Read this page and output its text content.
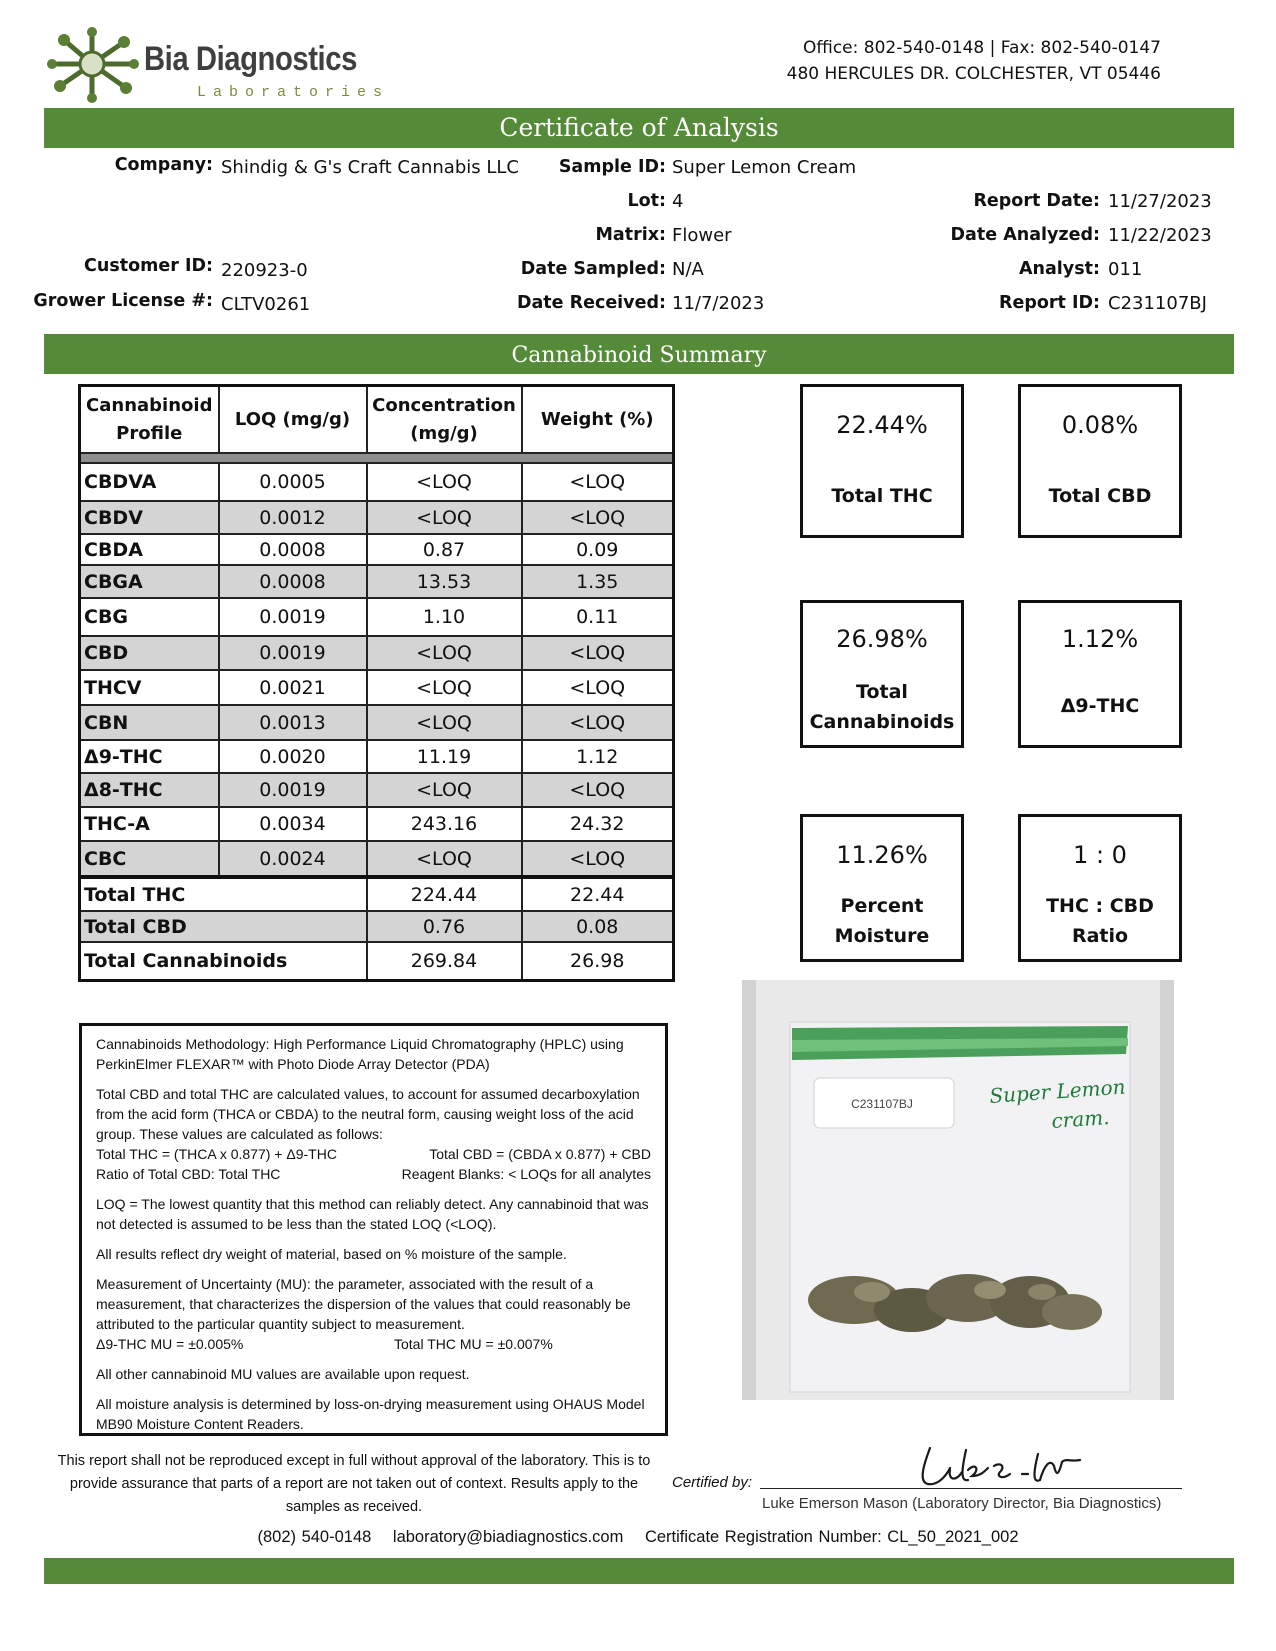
Bia Diagnostics
Laboratories
Office: 802-540-0148 | Fax: 802-540-0147
480 HERCULES DR. COLCHESTER, VT 05446
Certificate of Analysis
Company: Shindig & G's Craft Cannabis LLC
Customer ID: 220923-0
Grower License #: CLTV0261
Sample ID: Super Lemon Cream
Lot: 4
Matrix: Flower
Date Sampled: N/A
Date Received: 11/7/2023
Report Date: 11/27/2023
Date Analyzed: 11/22/2023
Analyst: 011
Report ID: C231107BJ
Cannabinoid Summary
Cannabinoid Profile	LOQ (mg/g)	Concentration (mg/g)	Weight (%)

CBDVA	0.0005	<LOQ	<LOQ
CBDV	0.0012	<LOQ	<LOQ
CBDA	0.0008	0.87	0.09
CBGA	0.0008	13.53	1.35
CBG	0.0019	1.10	0.11
CBD	0.0019	<LOQ	<LOQ
THCV	0.0021	<LOQ	<LOQ
CBN	0.0013	<LOQ	<LOQ
Δ9-THC	0.0020	11.19	1.12
Δ8-THC	0.0019	<LOQ	<LOQ
THC-A	0.0034	243.16	24.32
CBC	0.0024	<LOQ	<LOQ
Total THC		224.44	22.44
Total CBD		0.76	0.08
Total Cannabinoids		269.84	26.98
22.44%
Total THC
0.08%
Total CBD
26.98%
Total Cannabinoids
1.12%
Δ9-THC
11.26%
Percent Moisture
1 : 0
THC : CBD Ratio

Cannabinoids Methodology: High Performance Liquid Chromatography (HPLC) using PerkinElmer FLEXAR™ with Photo Diode Array Detector (PDA)

Total CBD and total THC are calculated values, to account for assumed decarboxylation from the acid form (THCA or CBDA) to the neutral form, causing weight loss of the acid group. These values are calculated as follows:

Total THC = (THCA x 0.877) + Δ9-THC	Total CBD = (CBDA x 0.877) + CBD
Ratio of Total CBD: Total THC	Reagent Blanks: < LOQs for all analytes

LOQ = The lowest quantity that this method can reliably detect. Any cannabinoid that was not detected is assumed to be less than the stated LOQ (<LOQ).

All results reflect dry weight of material, based on % moisture of the sample.

Measurement of Uncertainty (MU): the parameter, associated with the result of a measurement, that characterizes the dispersion of the values that could reasonably be attributed to the particular quantity subject to measurement.

Δ9-THC MU = ±0.005%	Total THC MU = ±0.007%

All other cannabinoid MU values are available upon request.

All moisture analysis is determined by loss-on-drying measurement using OHAUS Model MB90 Moisture Content Readers.

C231107BJ	Super Lemon
cram.
This report shall not be reproduced except in full without approval of the laboratory. This is to provide assurance that parts of a report are not taken out of context. Results apply to the samples as received.
Certified by:
Luke Emerson Mason (Laboratory Director, Bia Diagnostics)
(802) 540-0148 laboratory@biadiagnostics.com Certificate Registration Number: CL_50_2021_002
